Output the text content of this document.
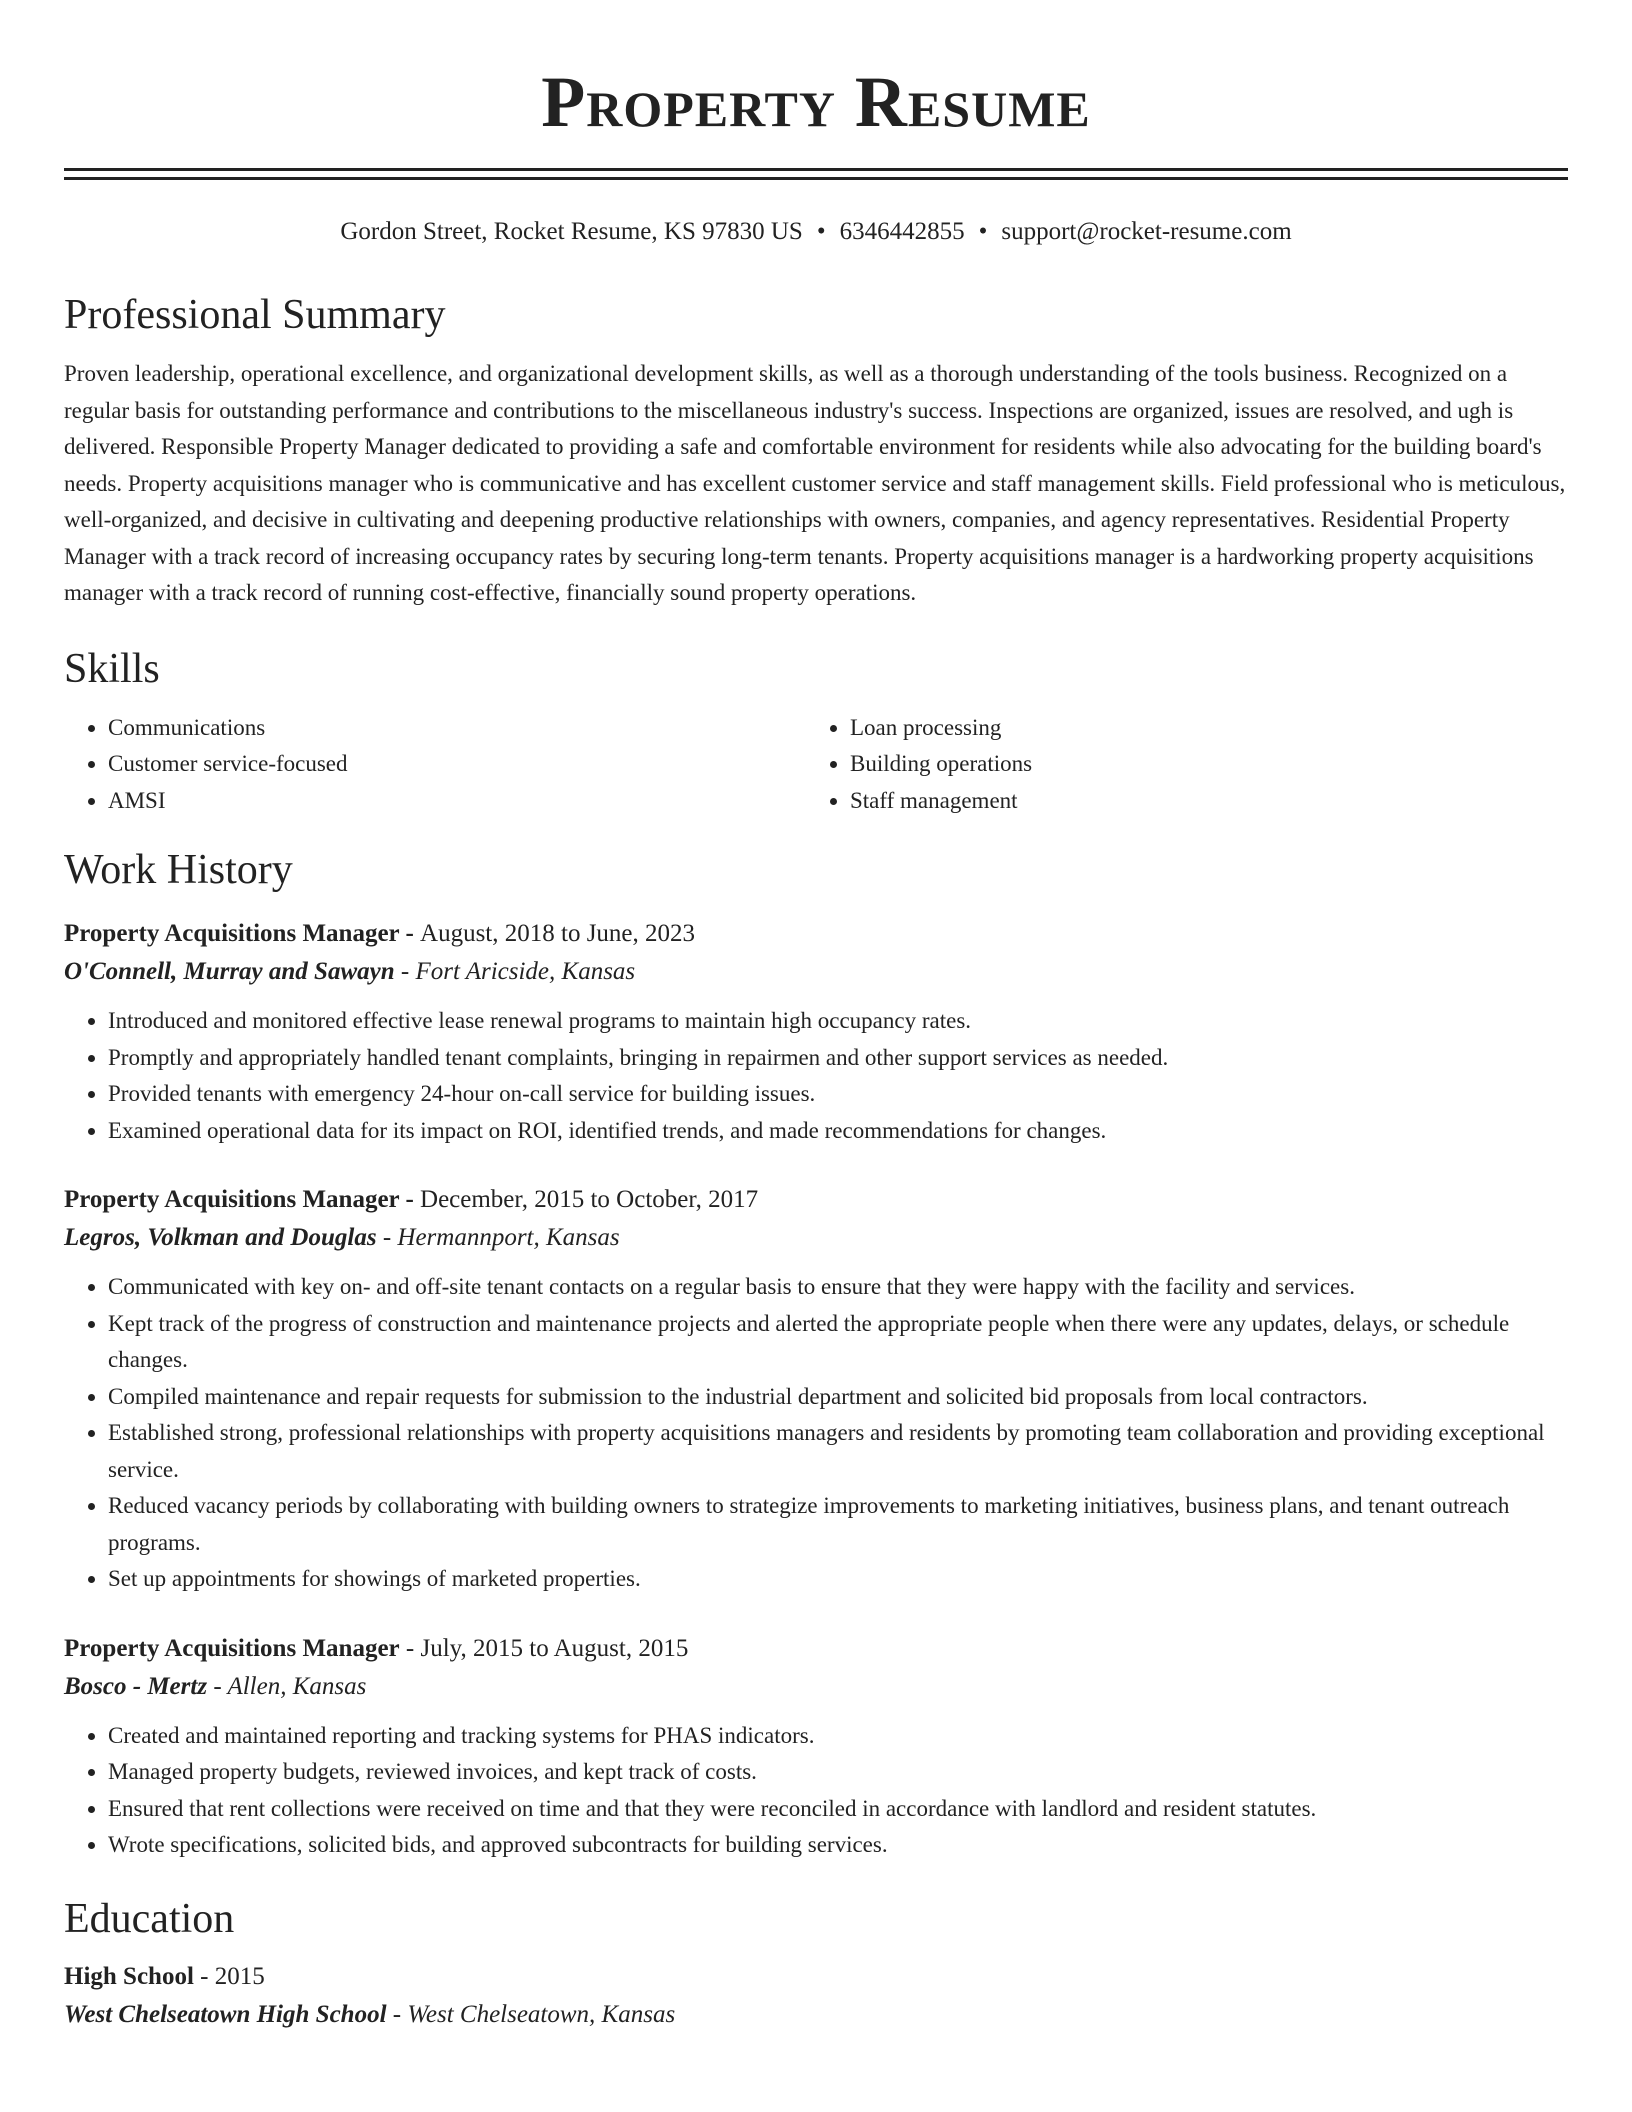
Property Resume
Gordon Street, Rocket Resume, KS 97830 US • 6346442855 • support@rocket-resume.com
Professional Summary

Proven leadership, operational excellence, and organizational development skills, as well as a thorough understanding of the tools business. Recognized on a regular basis for outstanding performance and contributions to the miscellaneous industry's success. Inspections are organized, issues are resolved, and ugh is delivered. Responsible Property Manager dedicated to providing a safe and comfortable environment for residents while also advocating for the building board's needs. Property acquisitions manager who is communicative and has excellent customer service and staff management skills. Field professional who is meticulous, well-organized, and decisive in cultivating and deepening productive relationships with owners, companies, and agency representatives. Residential Property Manager with a track record of increasing occupancy rates by securing long-term tenants. Property acquisitions manager is a hardworking property acquisitions manager with a track record of running cost-effective, financially sound property operations.

Skills
• Communications
• Customer service-focused
• AMSI
• Loan processing
• Building operations
• Staff management
Work History
Property Acquisitions Manager - August, 2018 to June, 2023
O'Connell, Murray and Sawayn - Fort Aricside, Kansas
• Introduced and monitored effective lease renewal programs to maintain high occupancy rates.
• Promptly and appropriately handled tenant complaints, bringing in repairmen and other support services as needed.
• Provided tenants with emergency 24-hour on-call service for building issues.
• Examined operational data for its impact on ROI, identified trends, and made recommendations for changes.
Property Acquisitions Manager - December, 2015 to October, 2017
Legros, Volkman and Douglas - Hermannport, Kansas
• Communicated with key on- and off-site tenant contacts on a regular basis to ensure that they were happy with the facility and services.
• Kept track of the progress of construction and maintenance projects and alerted the appropriate people when there were any updates, delays, or schedule changes.
• Compiled maintenance and repair requests for submission to the industrial department and solicited bid proposals from local contractors.
• Established strong, professional relationships with property acquisitions managers and residents by promoting team collaboration and providing exceptional service.
• Reduced vacancy periods by collaborating with building owners to strategize improvements to marketing initiatives, business plans, and tenant outreach programs.
• Set up appointments for showings of marketed properties.
Property Acquisitions Manager - July, 2015 to August, 2015
Bosco - Mertz - Allen, Kansas
• Created and maintained reporting and tracking systems for PHAS indicators.
• Managed property budgets, reviewed invoices, and kept track of costs.
• Ensured that rent collections were received on time and that they were reconciled in accordance with landlord and resident statutes.
• Wrote specifications, solicited bids, and approved subcontracts for building services.
Education
High School - 2015
West Chelseatown High School - West Chelseatown, Kansas
